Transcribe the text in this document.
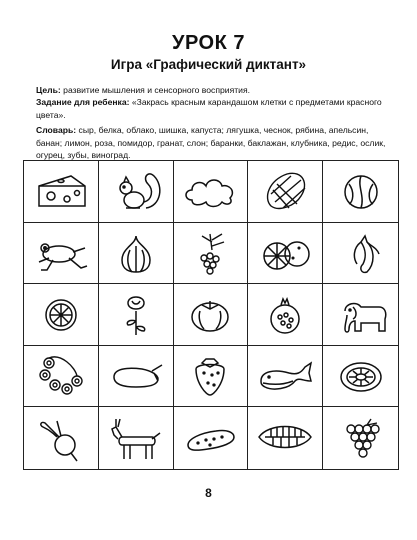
УРОК 7
Игра «Графический диктант»
Цель: развитие мышления и сенсорного восприятия.
Задание для ребенка: «Закрась красным карандашом клетки с предметами красного цвета».
Словарь: сыр, белка, облако, шишка, капуста; лягушка, чеснок, рябина, апельсин, банан; лимон, роза, помидор, гранат, слон; баранки, баклажан, клубника, редис, ослик, огурец, зубы, виноград.
8
